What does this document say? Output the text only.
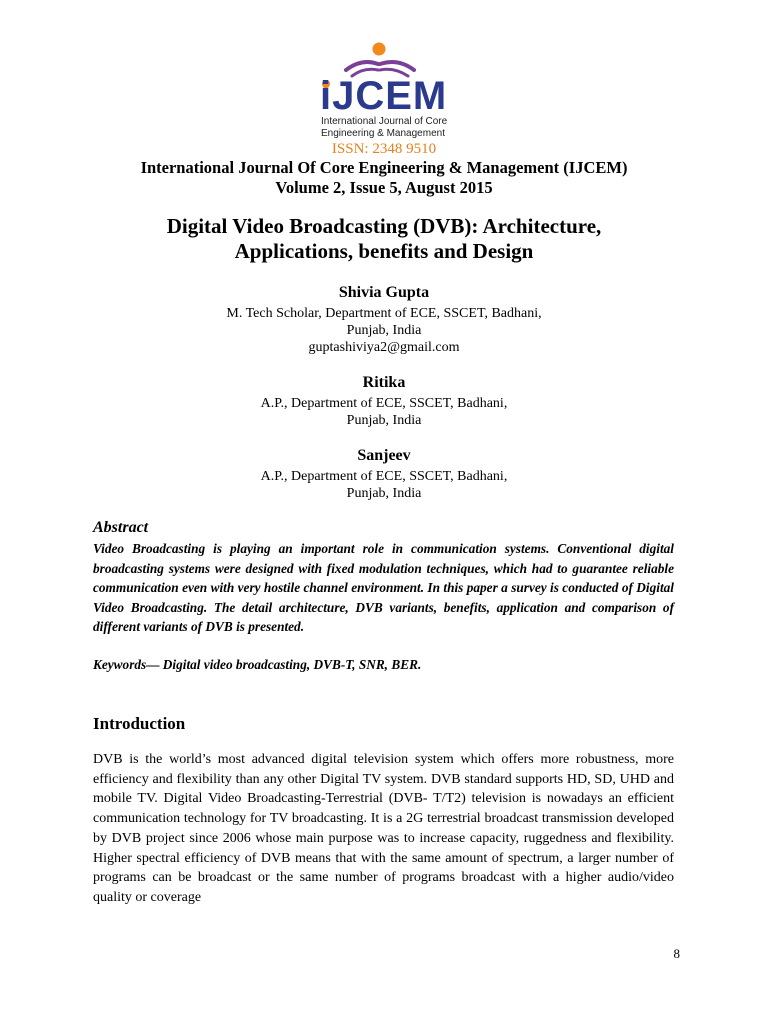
iJCEM
International Journal of Core
Engineering & Management
ISSN: 2348 9510
International Journal Of Core Engineering & Management (IJCEM)
Volume 2, Issue 5, August 2015
Digital Video Broadcasting (DVB): Architecture,
Applications, benefits and Design
Shivia Gupta
M. Tech Scholar, Department of ECE, SSCET, Badhani,
Punjab, India
guptashiviya2@gmail.com
Ritika
A.P., Department of ECE, SSCET, Badhani,
Punjab, India
Sanjeev
A.P., Department of ECE, SSCET, Badhani,
Punjab, India
Abstract
Video Broadcasting is playing an important role in communication systems. Conventional digital broadcasting systems were designed with fixed modulation techniques, which had to guarantee reliable communication even with very hostile channel environment. In this paper a survey is conducted of Digital Video Broadcasting. The detail architecture, DVB variants, benefits, application and comparison of different variants of DVB is presented.
Keywords— Digital video broadcasting, DVB-T, SNR, BER.
Introduction
DVB is the world’s most advanced digital television system which offers more robustness, more efficiency and flexibility than any other Digital TV system. DVB standard supports HD, SD, UHD and mobile TV. Digital Video Broadcasting-Terrestrial (DVB- T/T2) television is nowadays an efficient communication technology for TV broadcasting. It is a 2G terrestrial broadcast transmission developed by DVB project since 2006 whose main purpose was to increase capacity, ruggedness and flexibility. Higher spectral efficiency of DVB means that with the same amount of spectrum, a larger number of programs can be broadcast or the same number of programs broadcast with a higher audio/video quality or coverage
8
